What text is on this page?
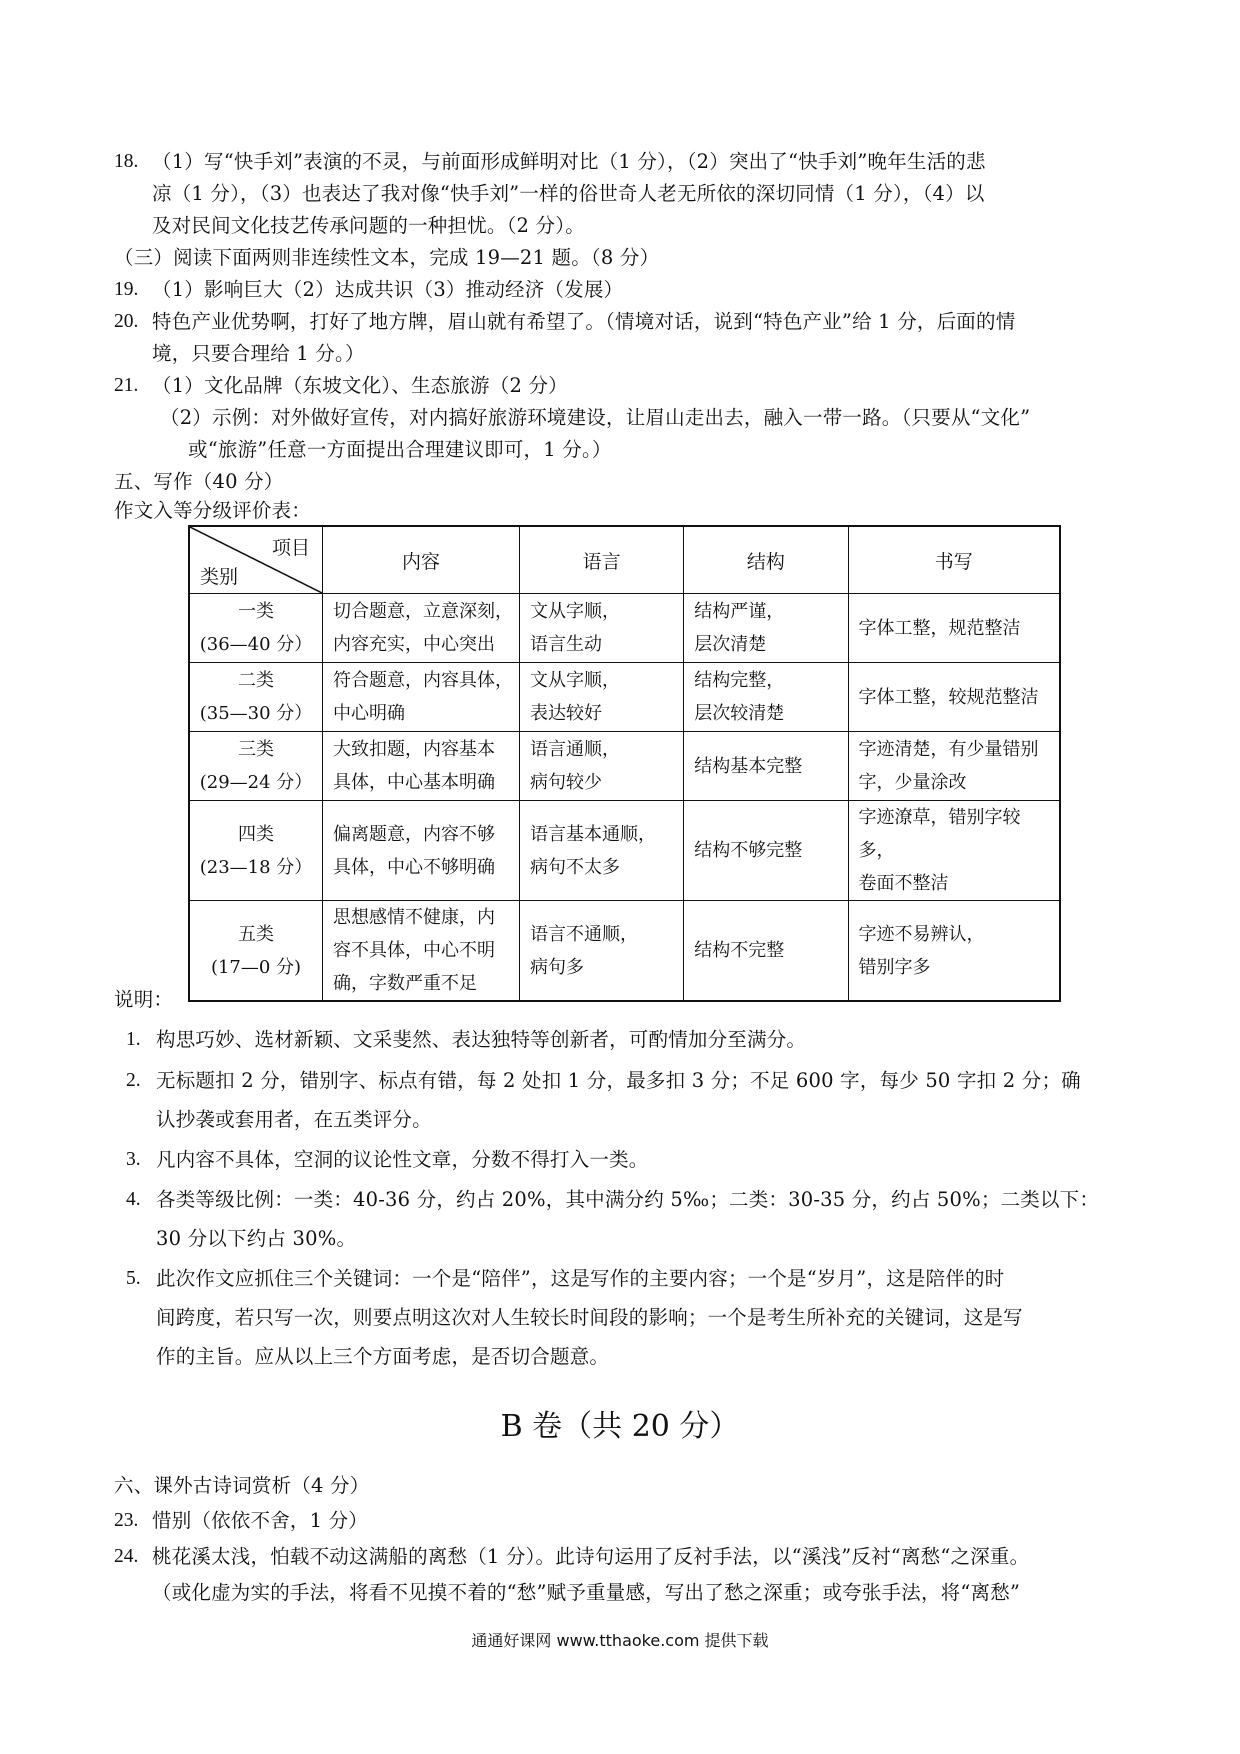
18. （1）写“快手刘”表演的不灵，与前面形成鲜明对比（1 分），（2）突出了“快手刘”晚年生活的悲
凉（1 分），（3）也表达了我对像“快手刘”一样的俗世奇人老无所依的深切同情（1 分），（4）以
及对民间文化技艺传承问题的一种担忧。（2 分）。
（三）阅读下面两则非连续性文本，完成 19—21 题。（8 分）
19. （1）影响巨大（2）达成共识（3）推动经济（发展）
20. 特色产业优势啊，打好了地方牌，眉山就有希望了。（情境对话，说到“特色产业”给 1 分，后面的情
境，只要合理给 1 分。）
21. （1）文化品牌（东坡文化）、生态旅游（2 分）
（2）示例：对外做好宣传，对内搞好旅游环境建设，让眉山走出去，融入一带一路。（只要从“文化”
或“旅游”任意一方面提出合理建议即可，1 分。）
五、写作（40 分）
作文入等分级评价表：
项目
类别	内容	语言	结构	书写

一类
(36—40 分）	切合题意，立意深刻，
内容充实，中心突出	文从字顺，
语言生动	结构严谨，
层次清楚	字体工整，规范整洁

二类
(35—30 分）	符合题意，内容具体，
中心明确	文从字顺，
表达较好	结构完整，
层次较清楚	字体工整，较规范整洁

三类
(29—24 分）	大致扣题，内容基本
具体，中心基本明确	语言通顺，
病句较少	结构基本完整	字迹清楚，有少量错别
字，少量涂改

四类
(23—18 分）	偏离题意，内容不够
具体，中心不够明确	语言基本通顺，
病句不太多	结构不够完整	字迹潦草，错别字较多，
卷面不整洁

五类
(17—0 分)	思想感情不健康，内
容不具体，中心不明
确，字数严重不足	语言不通顺，
病句多	结构不完整	字迹不易辨认，
错别字多
说明：
1. 构思巧妙、选材新颖、文采斐然、表达独特等创新者，可酌情加分至满分。
2. 无标题扣 2 分，错别字、标点有错，每 2 处扣 1 分，最多扣 3 分；不足 600 字，每少 50 字扣 2 分；确
认抄袭或套用者，在五类评分。
3. 凡内容不具体，空洞的议论性文章，分数不得打入一类。
4. 各类等级比例：一类：40-36 分，约占 20%，其中满分约 5‰；二类：30-35 分，约占 50%；二类以下：
30 分以下约占 30%。
5. 此次作文应抓住三个关键词：一个是“陪伴”，这是写作的主要内容；一个是“岁月”，这是陪伴的时
间跨度，若只写一次，则要点明这次对人生较长时间段的影响；一个是考生所补充的关键词，这是写
作的主旨。应从以上三个方面考虑，是否切合题意。
B 卷（共 20 分）
六、课外古诗词赏析（4 分）
23. 惜别（依依不舍，1 分）
24. 桃花溪太浅，怕载不动这满船的离愁（1 分）。此诗句运用了反衬手法，以“溪浅”反衬“离愁“之深重。
（或化虚为实的手法，将看不见摸不着的“愁”赋予重量感，写出了愁之深重；或夸张手法，将“离愁”
通通好课网 www.tthaoke.com 提供下载
